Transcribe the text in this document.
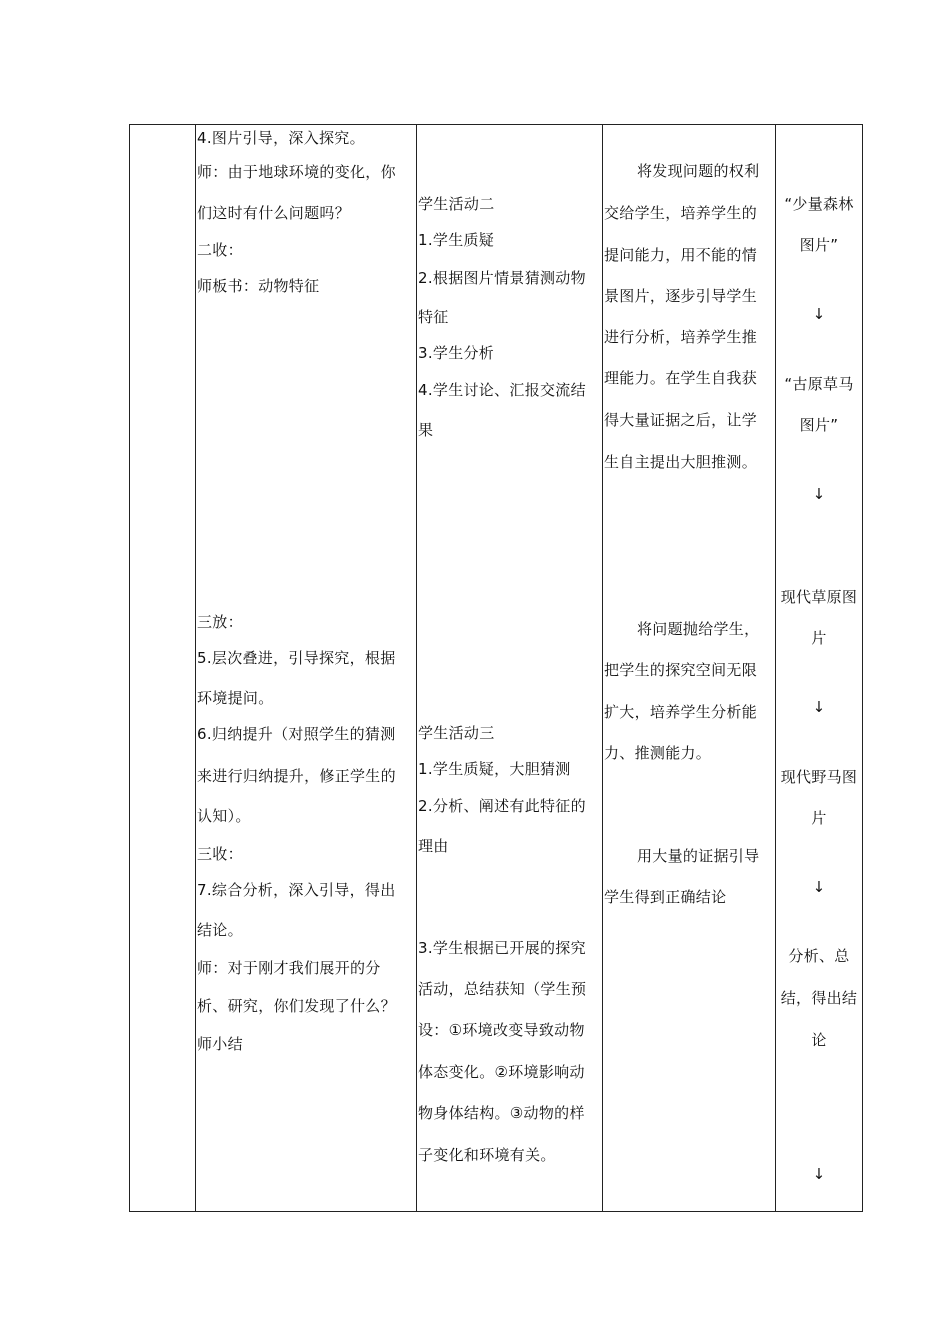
4.图片引导，深入探究。
师：由于地球环境的变化，你
们这时有什么问题吗？
二收：
师板书：动物特征
三放：
5.层次叠进，引导探究，根据
环境提问。
6.归纳提升（对照学生的猜测
来进行归纳提升，修正学生的
认知）。
三收：
7.综合分析，深入引导，得出
结论。
师：对于刚才我们展开的分
析、研究，你们发现了什么？
师小结
学生活动二
1.学生质疑
2.根据图片情景猜测动物
特征
3.学生分析
4.学生讨论、汇报交流结
果
学生活动三
1.学生质疑，大胆猜测
2.分析、阐述有此特征的
理由
3.学生根据已开展的探究
活动，总结获知（学生预
设：①环境改变导致动物
体态变化。②环境影响动
物身体结构。③动物的样
子变化和环境有关。
将发现问题的权利
交给学生，培养学生的
提问能力，用不能的情
景图片，逐步引导学生
进行分析，培养学生推
理能力。在学生自我获
得大量证据之后，让学
生自主提出大胆推测。
将问题抛给学生，
把学生的探究空间无限
扩大，培养学生分析能
力、推测能力。
用大量的证据引导
学生得到正确结论
“少量森林
图片”
↓
“古原草马
图片”
↓
现代草原图
片
↓
现代野马图
片
↓
分析、总
结，得出结
论
↓
